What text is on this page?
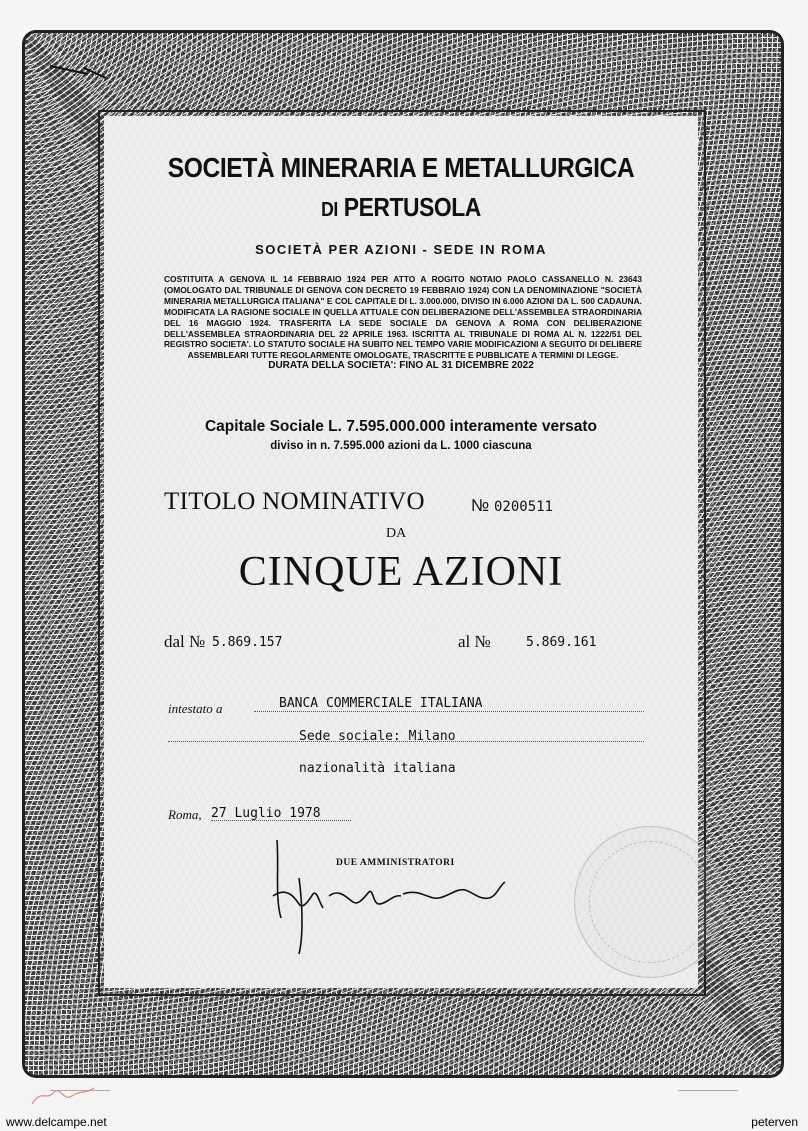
SOCIETÀ MINERARIA E METALLURGICA
DI PERTUSOLA
SOCIETÀ PER AZIONI - SEDE IN ROMA
COSTITUITA A GENOVA IL 14 FEBBRAIO 1924 PER ATTO A ROGITO NOTAIO PAOLO CASSANELLO N. 23643 (OMOLOGATO DAL TRIBUNALE DI GENOVA CON DECRETO 19 FEBBRAIO 1924) CON LA DENOMINAZIONE "SOCIETÀ MINERARIA METALLURGICA ITALIANA" E COL CAPITALE DI L. 3.000.000, DIVISO IN 6.000 AZIONI DA L. 500 CADAUNA. MODIFICATA LA RAGIONE SOCIALE IN QUELLA ATTUALE CON DELIBERAZIONE DELL'ASSEMBLEA STRAORDINARIA DEL 16 MAGGIO 1924. TRASFERITA LA SEDE SOCIALE DA GENOVA A ROMA CON DELIBERAZIONE DELL'ASSEMBLEA STRAORDINARIA DEL 22 APRILE 1963. ISCRITTA AL TRIBUNALE DI ROMA AL N. 1222/51 DEL REGISTRO SOCIETA'. LO STATUTO SOCIALE HA SUBITO NEL TEMPO VARIE MODIFICAZIONI A SEGUITO DI DELIBERE ASSEMBLEARI TUTTE REGOLARMENTE OMOLOGATE, TRASCRITTE E PUBBLICATE A TERMINI DI LEGGE.
DURATA DELLA SOCIETA': FINO AL 31 DICEMBRE 2022
Capitale Sociale L. 7.595.000.000 interamente versato
diviso in n. 7.595.000 azioni da L. 1000 ciascuna
TITOLO NOMINATIVO	№ 0200511
DA
CINQUE AZIONI
dal № 5.869.157	al №	5.869.161
intestato a	BANCA COMMERCIALE ITALIANA
Sede sociale: Milano
nazionalità italiana
Roma, 27 Luglio 1978
DUE AMMINISTRATORI
www.delcampe.net	peterven
